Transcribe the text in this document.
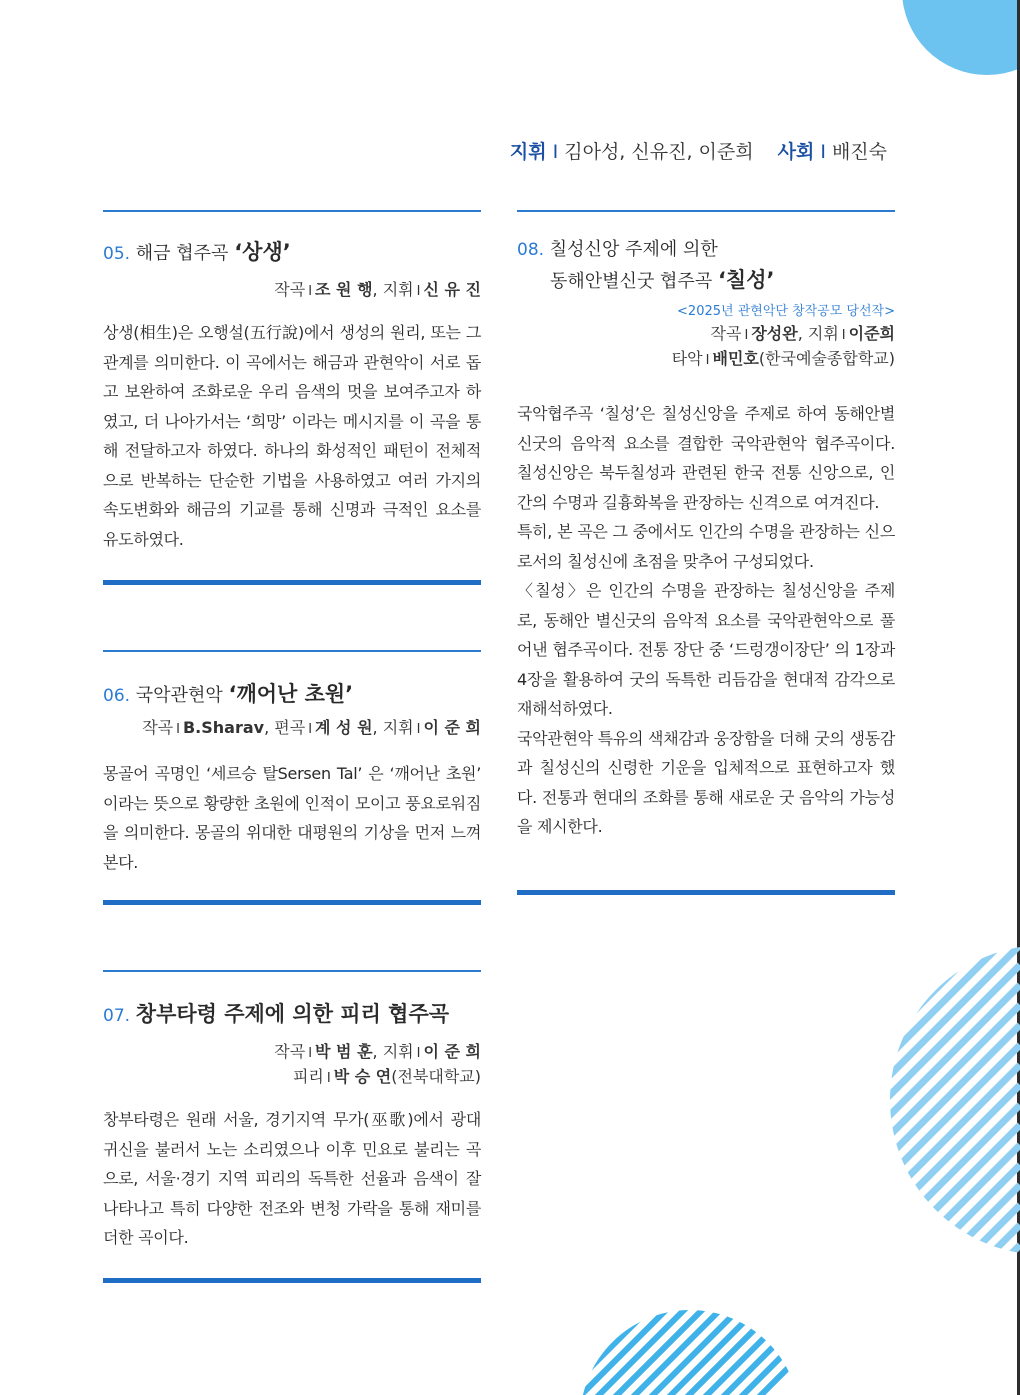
지휘 I 김아성, 신유진, 이준희 사회 I 배진숙
05. 해금 협주곡 ‘상생’
작곡 I 조 원 행, 지휘 I 신 유 진
상생(相生)은 오행설(五行說)에서 생성의 원리, 또는 그 관계를 의미한다. 이 곡에서는 해금과 관현악이 서로 돕고 보완하여 조화로운 우리 음색의 멋을 보여주고자 하였고, 더 나아가서는 ‘희망’ 이라는 메시지를 이 곡을 통해 전달하고자 하였다. 하나의 화성적인 패턴이 전체적으로 반복하는 단순한 기법을 사용하였고 여러 가지의 속도변화와 해금의 기교를 통해 신명과 극적인 요소를 유도하였다.
06. 국악관현악 ‘깨어난 초원’
작곡 I B.Sharav, 편곡 I 계 성 원, 지휘 I 이 준 희
몽골어 곡명인 ‘세르승 탈Sersen Tal’ 은 ‘깨어난 초원’ 이라는 뜻으로 황량한 초원에 인적이 모이고 풍요로워짐을 의미한다. 몽골의 위대한 대평원의 기상을 먼저 느껴본다.
07. 창부타령 주제에 의한 피리 협주곡
작곡 I 박 범 훈, 지휘 I 이 준 희
피리 I 박 승 연(전북대학교)
창부타령은 원래 서울, 경기지역 무가(巫歌)에서 광대 귀신을 불러서 노는 소리였으나 이후 민요로 불리는 곡으로, 서울·경기 지역 피리의 독특한 선율과 음색이 잘 나타나고 특히 다양한 전조와 변청 가락을 통해 재미를 더한 곡이다.
08. 칠성신앙 주제에 의한
동해안별신굿 협주곡 ‘칠성’
<2025년 관현악단 창작공모 당선작>
작곡 I 장성완, 지휘 I 이준희
타악 I 배민호(한국예술종합학교)
국악협주곡 ‘칠성’은 칠성신앙을 주제로 하여 동해안별신굿의 음악적 요소를 결합한 국악관현악 협주곡이다. 칠성신앙은 북두칠성과 관련된 한국 전통 신앙으로, 인간의 수명과 길흉화복을 관장하는 신격으로 여겨진다.
특히, 본 곡은 그 중에서도 인간의 수명을 관장하는 신으로서의 칠성신에 초점을 맞추어 구성되었다.
〈칠성〉은 인간의 수명을 관장하는 칠성신앙을 주제로, 동해안 별신굿의 음악적 요소를 국악관현악으로 풀어낸 협주곡이다. 전통 장단 중 ‘드렁갱이장단’ 의 1장과 4장을 활용하여 굿의 독특한 리듬감을 현대적 감각으로 재해석하였다.
국악관현악 특유의 색채감과 웅장함을 더해 굿의 생동감과 칠성신의 신령한 기운을 입체적으로 표현하고자 했다. 전통과 현대의 조화를 통해 새로운 굿 음악의 가능성을 제시한다.
